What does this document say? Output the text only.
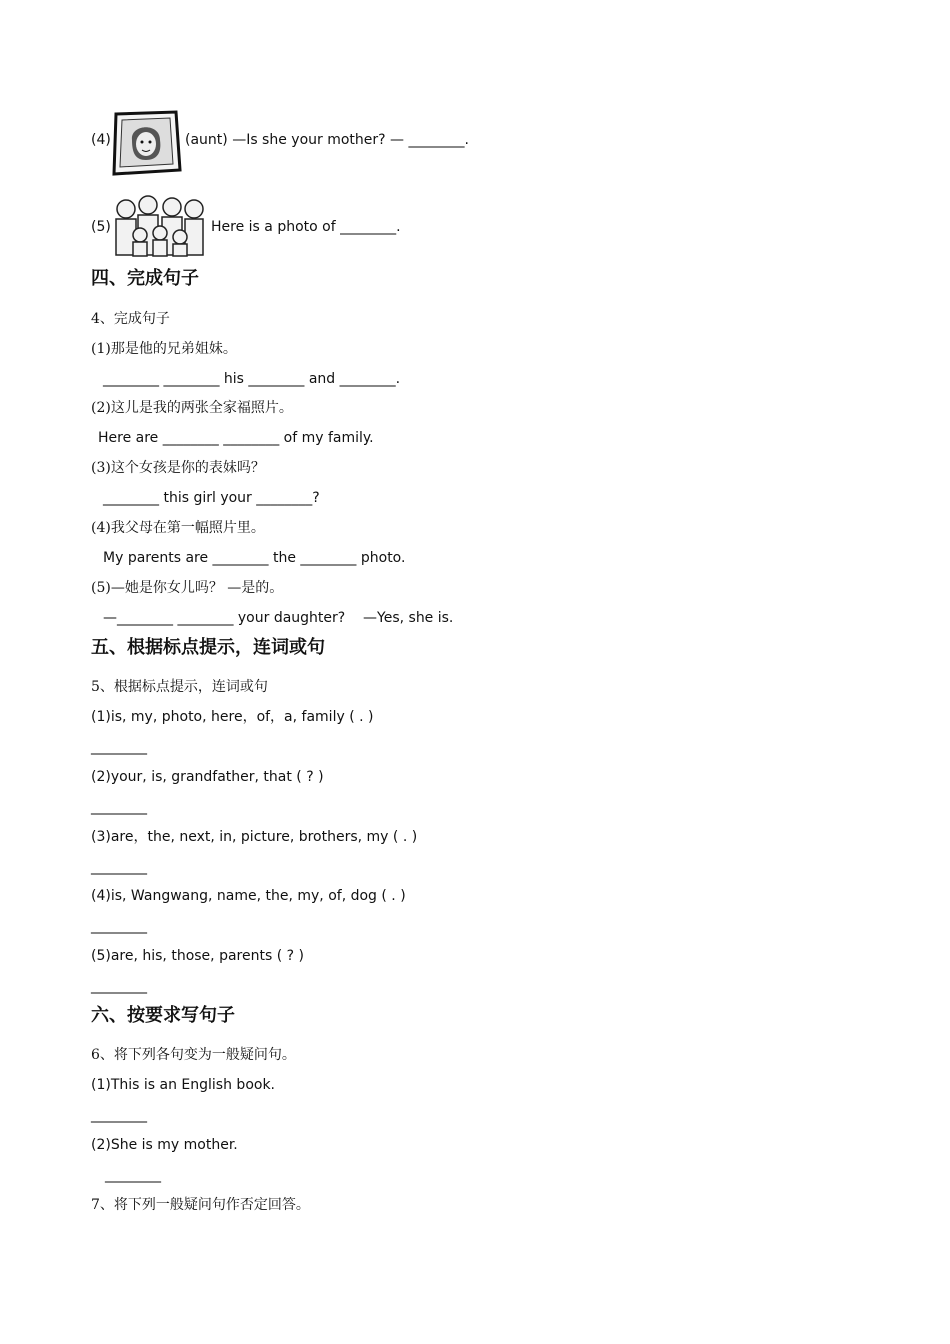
(4)	(aunt) —Is she your mother? — ________.
(5)	Here is a photo of ________.
四、完成句子
4、完成句子
(1)那是他的兄弟姐妹。
________ ________ his ________ and ________.
(2)这儿是我的两张全家福照片。
Here are ________ ________ of my family.
(3)这个女孩是你的表妹吗？
________ this girl your ________?
(4)我父母在第一幅照片里。
My parents are ________ the ________ photo.
(5)—她是你女儿吗？ —是的。
—________ ________ your daughter?    —Yes, she is.
五、根据标点提示，连词或句
5、根据标点提示，连词或句
(1)is, my, photo, here，of，a, family ( . )
________
(2)your, is, grandfather, that ( ? )
________
(3)are，the, next, in, picture, brothers, my ( . )
________
(4)is, Wangwang, name, the, my, of, dog ( . )
________
(5)are, his, those, parents ( ? )
________
六、按要求写句子
6、将下列各句变为一般疑问句。
(1)This is an English book.
________
(2)She is my mother.
________
7、将下列一般疑问句作否定回答。
